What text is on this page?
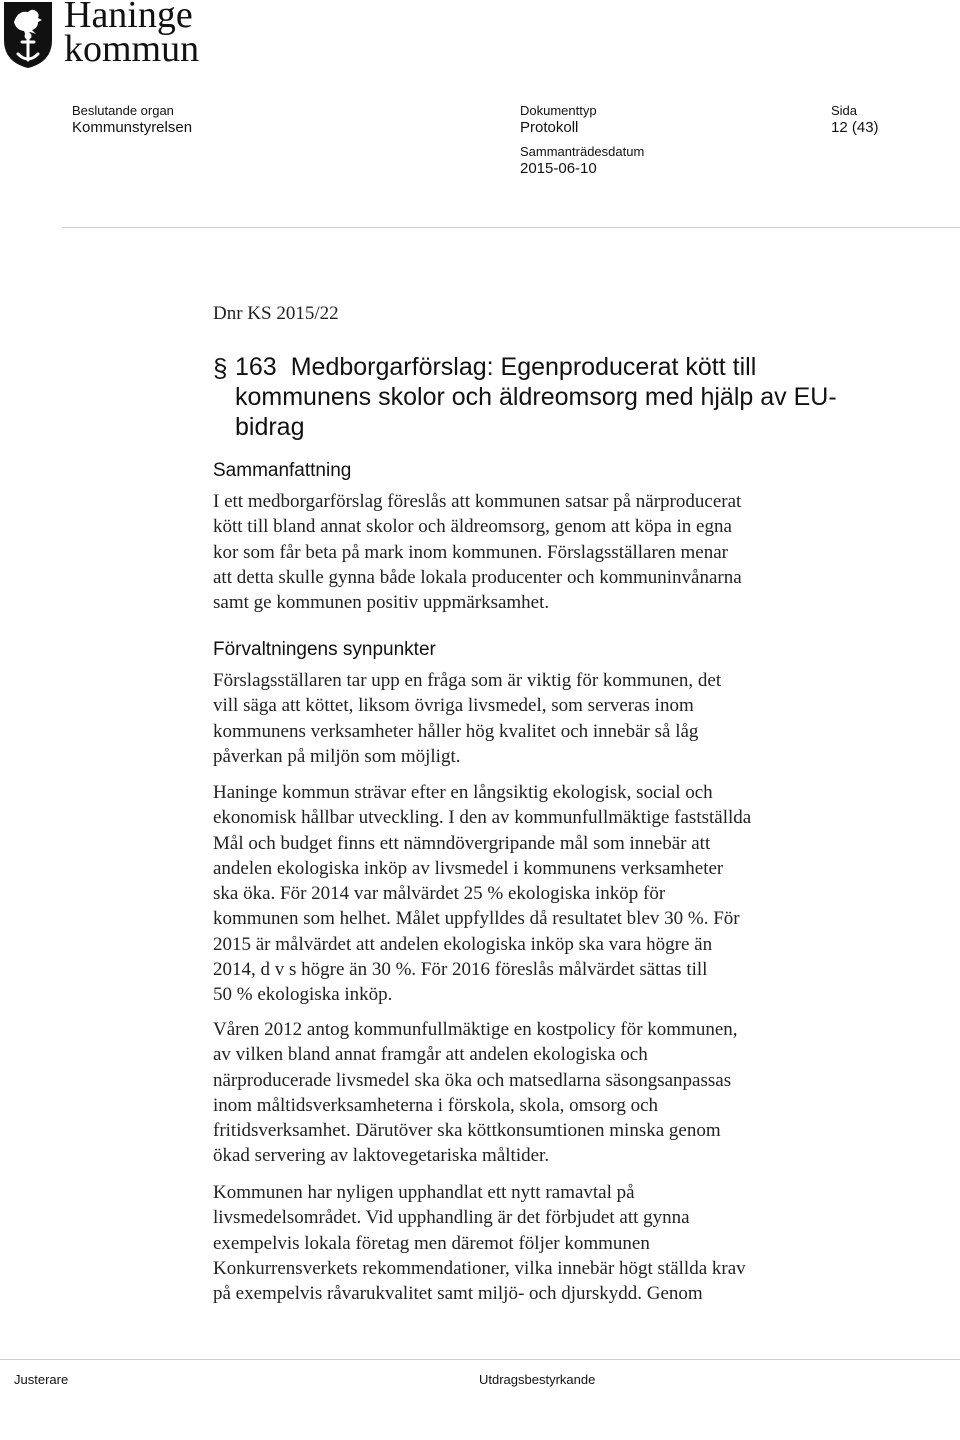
Haninge
kommun
Beslutande organ
Kommunstyrelsen
Dokumenttyp
Protokoll
Sida
12 (43)
Sammanträdesdatum
2015-06-10
Dnr KS 2015/22
§ 163 Medborgarförslag: Egenproducerat kött till kommunens skolor och äldreomsorg med hjälp av EU-bidrag
Sammanfattning
I ett medborgarförslag föreslås att kommunen satsar på närproducerat
kött till bland annat skolor och äldreomsorg, genom att köpa in egna
kor som får beta på mark inom kommunen. Förslagsställaren menar
att detta skulle gynna både lokala producenter och kommuninvånarna
samt ge kommunen positiv uppmärksamhet.
Förvaltningens synpunkter
Förslagsställaren tar upp en fråga som är viktig för kommunen, det
vill säga att köttet, liksom övriga livsmedel, som serveras inom
kommunens verksamheter håller hög kvalitet och innebär så låg
påverkan på miljön som möjligt.
Haninge kommun strävar efter en långsiktig ekologisk, social och
ekonomisk hållbar utveckling. I den av kommunfullmäktige fastställda
Mål och budget finns ett nämndövergripande mål som innebär att
andelen ekologiska inköp av livsmedel i kommunens verksamheter
ska öka. För 2014 var målvärdet 25 % ekologiska inköp för
kommunen som helhet. Målet uppfylldes då resultatet blev 30 %. För
2015 är målvärdet att andelen ekologiska inköp ska vara högre än
2014, d v s högre än 30 %. För 2016 föreslås målvärdet sättas till
50 % ekologiska inköp.
Våren 2012 antog kommunfullmäktige en kostpolicy för kommunen,
av vilken bland annat framgår att andelen ekologiska och
närproducerade livsmedel ska öka och matsedlarna säsongsanpassas
inom måltidsverksamheterna i förskola, skola, omsorg och
fritidsverksamhet. Därutöver ska köttkonsumtionen minska genom
ökad servering av laktovegetariska måltider.
Kommunen har nyligen upphandlat ett nytt ramavtal på
livsmedelsområdet. Vid upphandling är det förbjudet att gynna
exempelvis lokala företag men däremot följer kommunen
Konkurrensverkets rekommendationer, vilka innebär högt ställda krav
på exempelvis råvarukvalitet samt miljö- och djurskydd. Genom
Justerare	Utdragsbestyrkande
